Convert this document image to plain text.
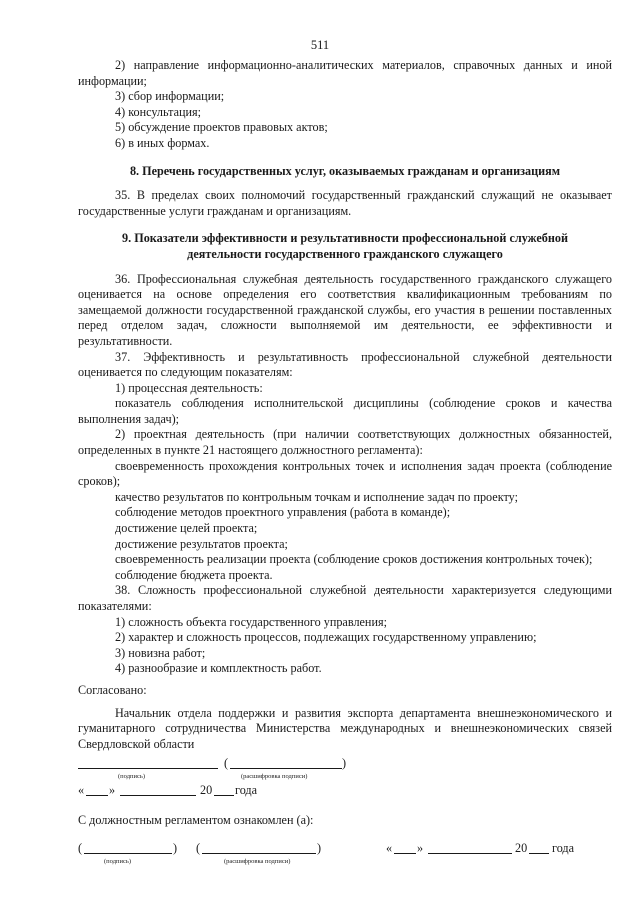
511

2) направление информационно-аналитических материалов, справочных данных и иной информации;

3) сбор информации;

4) консультация;

5) обсуждение проектов правовых актов;

6) в иных формах.

8. Перечень государственных услуг, оказываемых гражданам и организациям

35. В пределах своих полномочий государственный гражданский служащий не оказывает государственные услуги гражданам и организациям.

9. Показатели эффективности и результативности профессиональной служебной

деятельности государственного гражданского служащего

36. Профессиональная служебная деятельность государственного гражданского служащего оценивается на основе определения его соответствия квалификационным требованиям по замещаемой должности государственной гражданской службы, его участия в решении поставленных перед отделом задач, сложности выполняемой им деятельности, ее эффективности и результативности.

37. Эффективность и результативность профессиональной служебной деятельности оценивается по следующим показателям:

1) процессная деятельность:

показатель соблюдения исполнительской дисциплины (соблюдение сроков и качества выполнения задач);

2) проектная деятельность (при наличии соответствующих должностных обязанностей, определенных в пункте 21 настоящего должностного регламента):

своевременность прохождения контрольных точек и исполнения задач проекта (соблюдение сроков);

качество результатов по контрольным точкам и исполнение задач по проекту;

соблюдение методов проектного управления (работа в команде);

достижение целей проекта;

достижение результатов проекта;

своевременность реализации проекта (соблюдение сроков достижения контрольных точек);

соблюдение бюджета проекта.

38. Сложность профессиональной служебной деятельности характеризуется следующими показателями:

1) сложность объекта государственного управления;

2) характер и сложность процессов, подлежащих государственному управлению;

3) новизна работ;

4) разнообразие и комплектность работ.

Согласовано:

Начальник отдела поддержки и развития экспорта департамента внешнеэкономического и гуманитарного сотрудничества Министерства международных и внешнеэкономических связей Свердловской области

(	)
(подпись)	(расшифровка подписи)
« »	20 года

С должностным регламентом ознакомлен (а):

(	) (	)	« »	20 года
(подпись)	(расшифровка подписи)
